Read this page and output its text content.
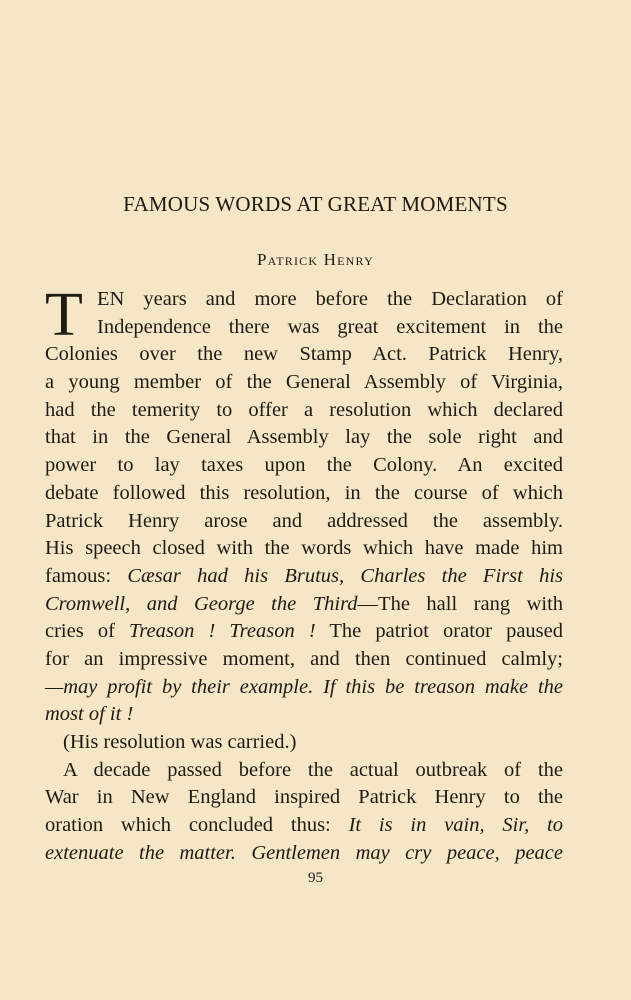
FAMOUS WORDS AT GREAT MOMENTS
Patrick Henry
T EN years and more before the Declaration of
Independence there was great excitement in the
Colonies over the new Stamp Act. Patrick Henry,
a young member of the General Assembly of Virginia,
had the temerity to offer a resolution which declared
that in the General Assembly lay the sole right and
power to lay taxes upon the Colony. An excited
debate followed this resolution, in the course of which
Patrick Henry arose and addressed the assembly.
His speech closed with the words which have made him
famous: Cæsar had his Brutus, Charles the First his
Cromwell, and George the Third—The hall rang with
cries of Treason ! Treason ! The patriot orator paused
for an impressive moment, and then continued calmly;
—may profit by their example. If this be treason make the
most of it !
(His resolution was carried.)
A decade passed before the actual outbreak of the
War in New England inspired Patrick Henry to the
oration which concluded thus: It is in vain, Sir, to
extenuate the matter. Gentlemen may cry peace, peace
95
